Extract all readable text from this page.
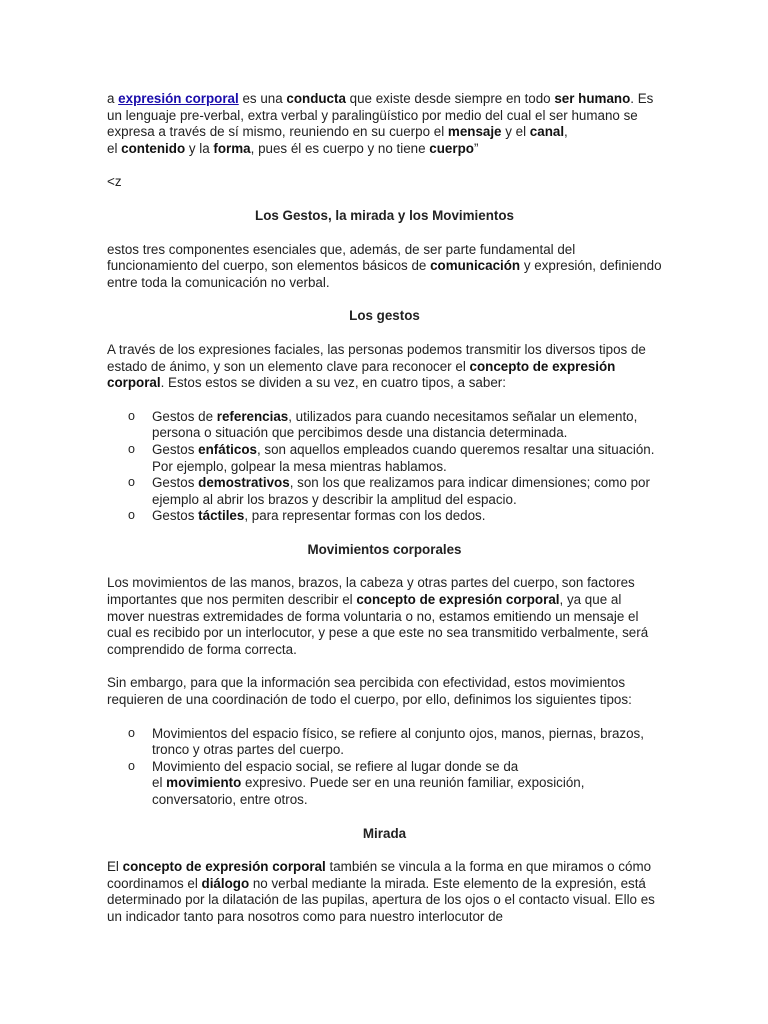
a expresión corporal es una conducta que existe desde siempre en todo ser humano. Es un lenguaje pre-verbal, extra verbal y paralingüístico por medio del cual el ser humano se expresa a través de sí mismo, reuniendo en su cuerpo el mensaje y el canal,
el contenido y la forma, pues él es cuerpo y no tiene cuerpo”

<z

Los Gestos, la mirada y los Movimientos

estos tres componentes esenciales que, además, de ser parte fundamental del funcionamiento del cuerpo, son elementos básicos de comunicación y expresión, definiendo entre toda la comunicación no verbal.

Los gestos

A través de los expresiones faciales, las personas podemos transmitir los diversos tipos de estado de ánimo, y son un elemento clave para reconocer el concepto de expresión corporal. Estos estos se dividen a su vez, en cuatro tipos, a saber:

o Gestos de referencias, utilizados para cuando necesitamos señalar un elemento, persona o situación que percibimos desde una distancia determinada.
o Gestos enfáticos, son aquellos empleados cuando queremos resaltar una situación. Por ejemplo, golpear la mesa mientras hablamos.
o Gestos demostrativos, son los que realizamos para indicar dimensiones; como por ejemplo al abrir los brazos y describir la amplitud del espacio.
o Gestos táctiles, para representar formas con los dedos.

Movimientos corporales

Los movimientos de las manos, brazos, la cabeza y otras partes del cuerpo, son factores importantes que nos permiten describir el concepto de expresión corporal, ya que al mover nuestras extremidades de forma voluntaria o no, estamos emitiendo un mensaje el cual es recibido por un interlocutor, y pese a que este no sea transmitido verbalmente, será comprendido de forma correcta.

Sin embargo, para que la información sea percibida con efectividad, estos movimientos requieren de una coordinación de todo el cuerpo, por ello, definimos los siguientes tipos:

o Movimientos del espacio físico, se refiere al conjunto ojos, manos, piernas, brazos, tronco y otras partes del cuerpo.
o Movimiento del espacio social, se refiere al lugar donde se da
el movimiento expresivo. Puede ser en una reunión familiar, exposición, conversatorio, entre otros.

Mirada

El concepto de expresión corporal también se vincula a la forma en que miramos o cómo coordinamos el diálogo no verbal mediante la mirada. Este elemento de la expresión, está determinado por la dilatación de las pupilas, apertura de los ojos o el contacto visual. Ello es un indicador tanto para nosotros como para nuestro interlocutor de
